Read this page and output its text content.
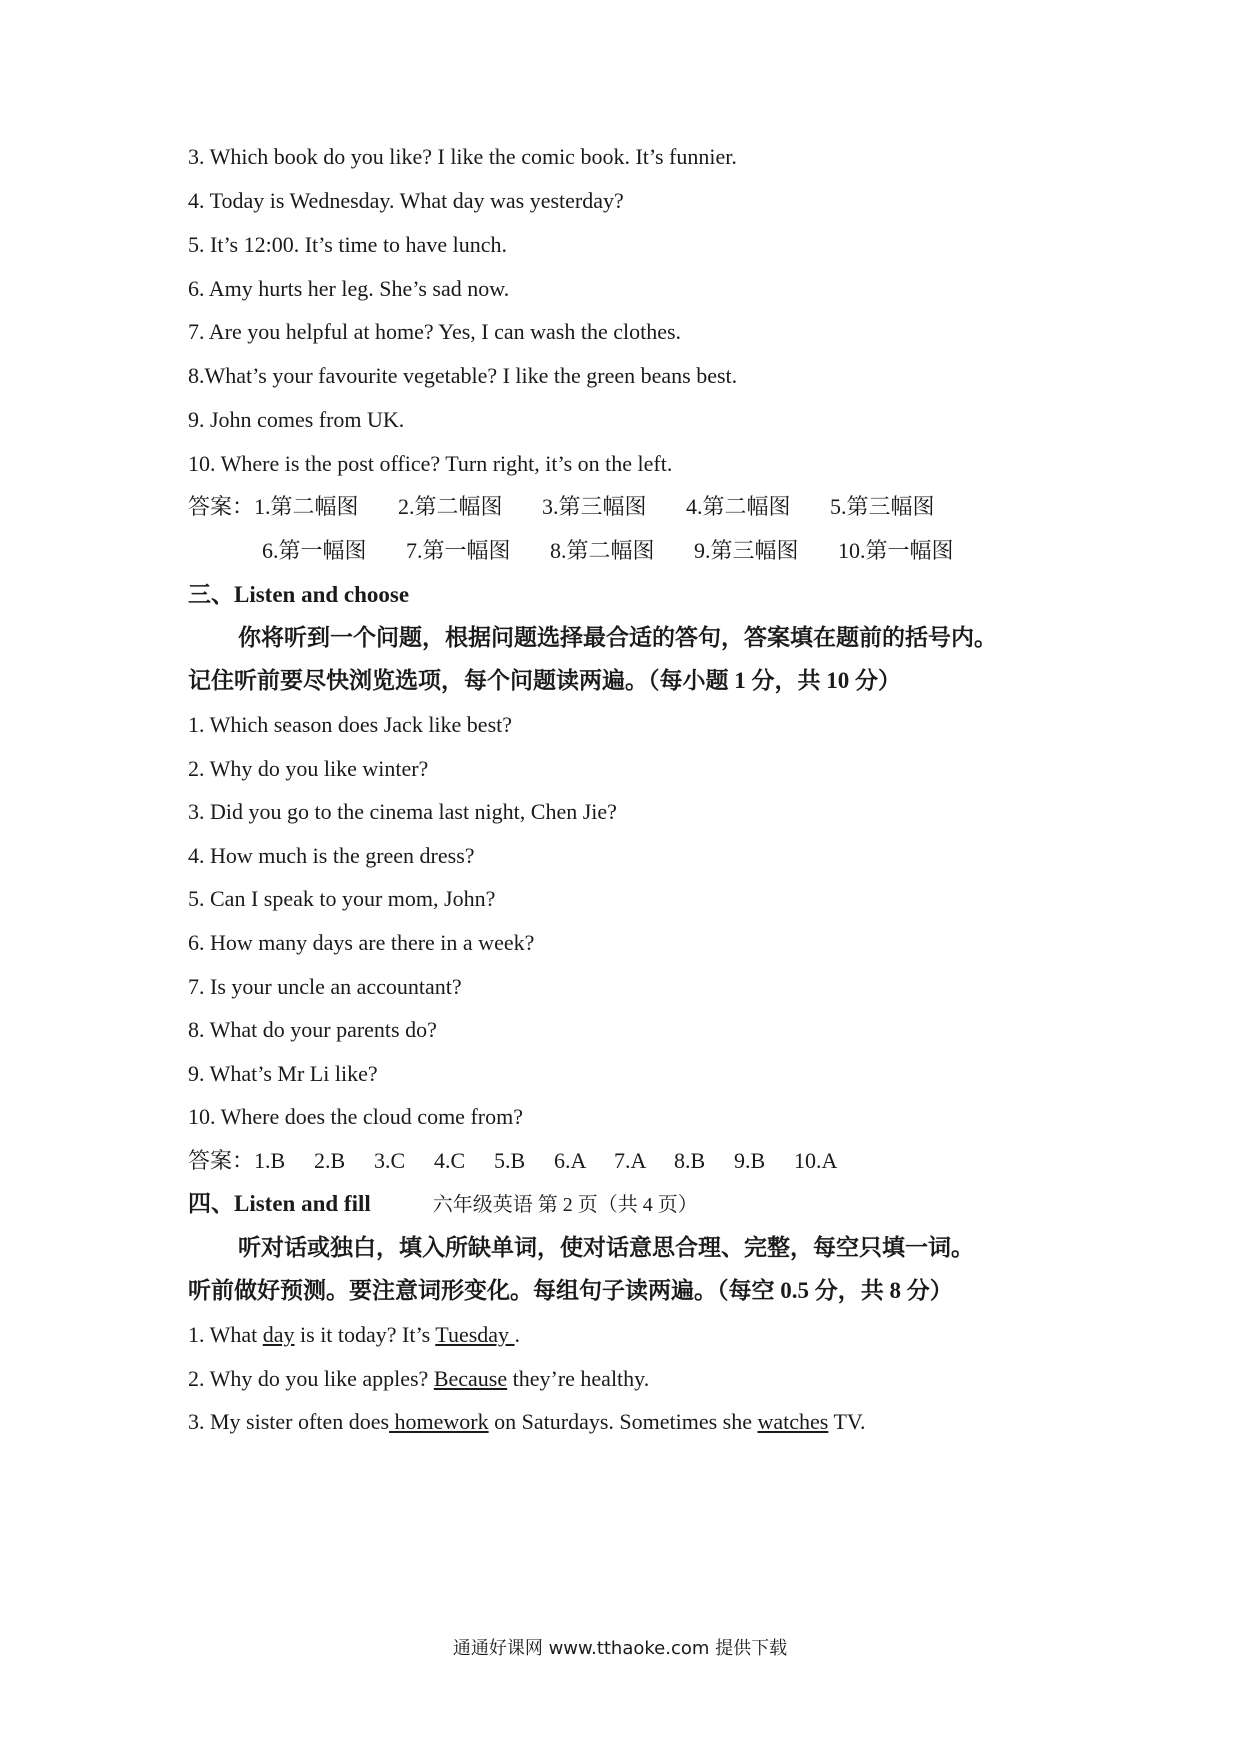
3. Which book do you like? I like the comic book. It’s funnier.
4. Today is Wednesday. What day was yesterday?
5. It’s 12:00. It’s time to have lunch.
6. Amy hurts her leg. She’s sad now.
7. Are you helpful at home? Yes, I can wash the clothes.
8.What’s your favourite vegetable? I like the green beans best.
9. John comes from UK.
10. Where is the post office? Turn right, it’s on the left.
答案：1.第二幅图 2.第二幅图 3.第三幅图 4.第二幅图 5.第三幅图
6.第一幅图 7.第一幅图 8.第二幅图 9.第三幅图 10.第一幅图
三、Listen and choose
你将听到一个问题，根据问题选择最合适的答句，答案填在题前的括号内。
记住听前要尽快浏览选项，每个问题读两遍。（每小题 1 分，共 10 分）
1. Which season does Jack like best?
2. Why do you like winter?
3. Did you go to the cinema last night, Chen Jie?
4. How much is the green dress?
5. Can I speak to your mom, John?
6. How many days are there in a week?
7. Is your uncle an accountant?
8. What do your parents do?
9. What’s Mr Li like?
10. Where does the cloud come from?
答案：1.B 2.B 3.C 4.C 5.B 6.A 7.A 8.B 9.B 10.A
四、Listen and fill	六年级英语 第 2 页（共 4 页）
听对话或独白，填入所缺单词，使对话意思合理、完整，每空只填一词。
听前做好预测。要注意词形变化。每组句子读两遍。（每空 0.5 分，共 8 分）
1. What day is it today? It’s Tuesday .
2. Why do you like apples? Because they’re healthy.
3. My sister often does homework on Saturdays. Sometimes she watches TV.
通通好课网 www.tthaoke.com 提供下载
